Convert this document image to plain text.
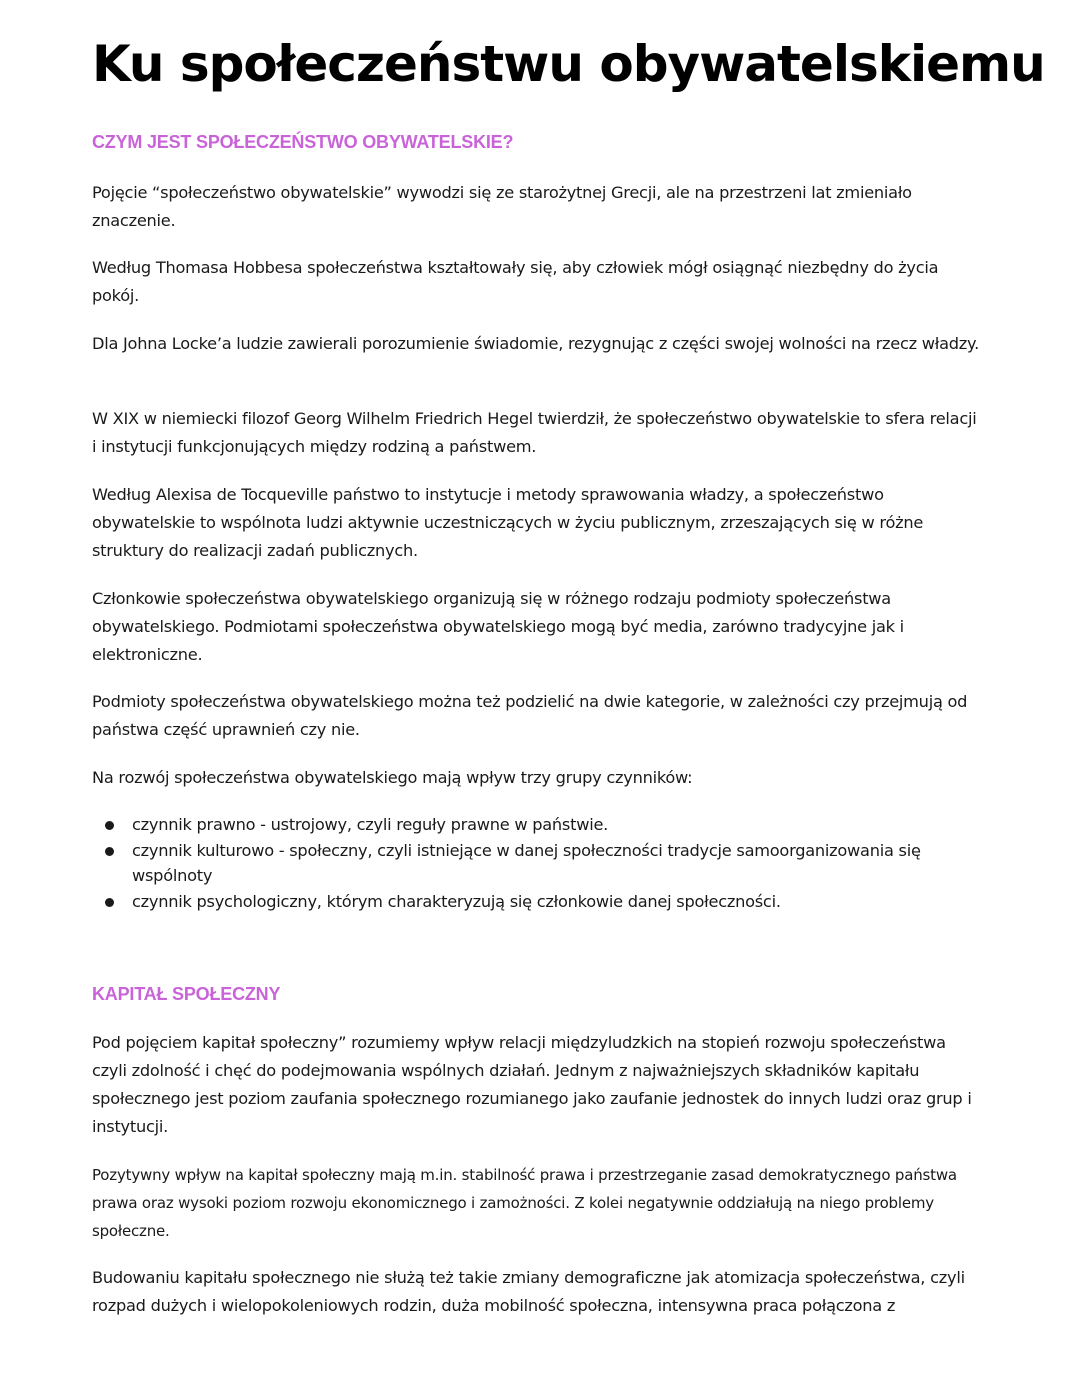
Ku społeczeństwu obywatelskiemu
CZYM JEST SPOŁECZEŃSTWO OBYWATELSKIE?

Pojęcie “społeczeństwo obywatelskie” wywodzi się ze starożytnej Grecji, ale na przestrzeni lat zmieniało znaczenie.

Według Thomasa Hobbesa społeczeństwa kształtowały się, aby człowiek mógł osiągnąć niezbędny do życia pokój.

Dla Johna Locke’a ludzie zawierali porozumienie świadomie, rezygnując z części swojej wolności na rzecz władzy.

W XIX w niemiecki filozof Georg Wilhelm Friedrich Hegel twierdził, że społeczeństwo obywatelskie to sfera relacji i instytucji funkcjonujących między rodziną a państwem.

Według Alexisa de Tocqueville państwo to instytucje i metody sprawowania władzy, a społeczeństwo obywatelskie to wspólnota ludzi aktywnie uczestniczących w życiu publicznym, zrzeszających się w różne struktury do realizacji zadań publicznych.

Członkowie społeczeństwa obywatelskiego organizują się w różnego rodzaju podmioty społeczeństwa obywatelskiego. Podmiotami społeczeństwa obywatelskiego mogą być media, zarówno tradycyjne jak i elektroniczne.

Podmioty społeczeństwa obywatelskiego można też podzielić na dwie kategorie, w zależności czy przejmują od państwa część uprawnień czy nie.

Na rozwój społeczeństwa obywatelskiego mają wpływ trzy grupy czynników:

czynnik prawno - ustrojowy, czyli reguły prawne w państwie.
czynnik kulturowo - społeczny, czyli istniejące w danej społeczności tradycje samoorganizowania się wspólnoty
czynnik psychologiczny, którym charakteryzują się członkowie danej społeczności.
KAPITAŁ SPOŁECZNY

Pod pojęciem kapitał społeczny” rozumiemy wpływ relacji międzyludzkich na stopień rozwoju społeczeństwa czyli zdolność i chęć do podejmowania wspólnych działań. Jednym z najważniejszych składników kapitału społecznego jest poziom zaufania społecznego rozumianego jako zaufanie jednostek do innych ludzi oraz grup i instytucji.

Pozytywny wpływ na kapitał społeczny mają m.in. stabilność prawa i przestrzeganie zasad demokratycznego państwa prawa oraz wysoki poziom rozwoju ekonomicznego i zamożności. Z kolei negatywnie oddziałują na niego problemy społeczne.

Budowaniu kapitału społecznego nie służą też takie zmiany demograficzne jak atomizacja społeczeństwa, czyli rozpad dużych i wielopokoleniowych rodzin, duża mobilność społeczna, intensywna praca połączona z
